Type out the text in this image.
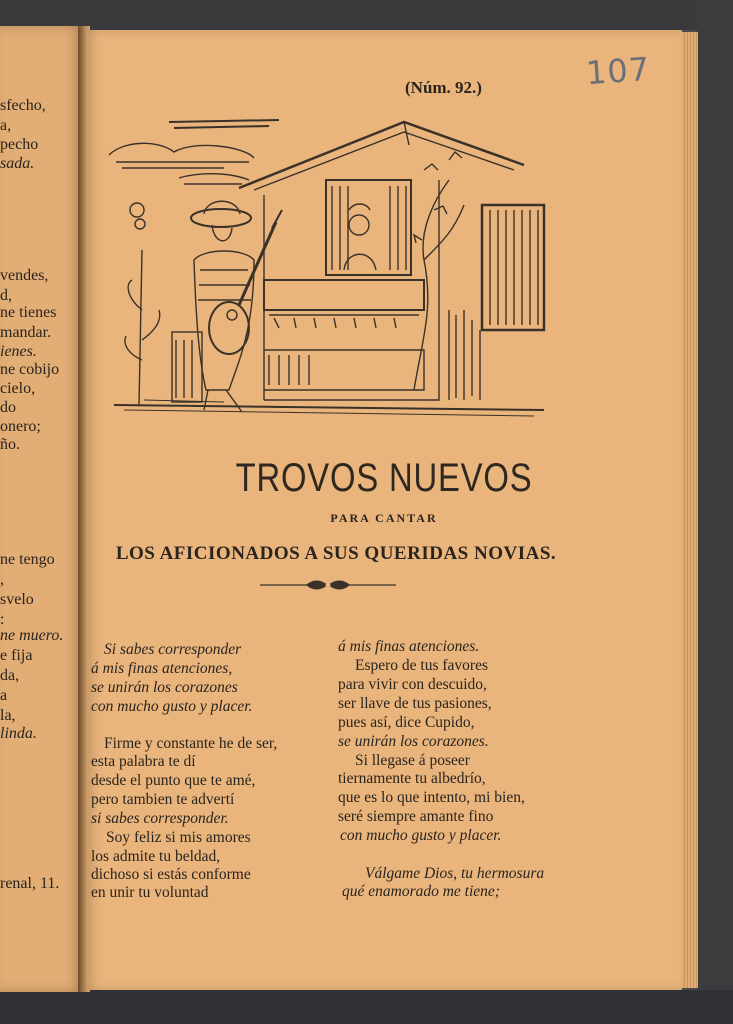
sfecho,
a,
pecho
sada.
vendes,
d,
ne tienes
mandar.
ienes.
ne cobijo
cielo,
do
onero;
ño.
ne tengo
,
svelo
:
ne muero.
e fija
da,
a
la,
linda.
renal, 11.
107
(Núm. 92.)
TROVOS NUEVOS
PARA CANTAR
LOS AFICIONADOS A SUS QUERIDAS NOVIAS.
Si sabes corresponder
á mis finas atenciones,
se unirán los corazones
con mucho gusto y placer.
Firme y constante he de ser,
esta palabra te dí
desde el punto que te amé,
pero tambien te advertí
si sabes corresponder.
Soy feliz si mis amores
los admite tu beldad,
dichoso si estás conforme
en unir tu voluntad
á mis finas atenciones.
Espero de tus favores
para vivir con descuido,
ser llave de tus pasiones,
pues así, dice Cupido,
se unirán los corazones.
Si llegase á poseer
tiernamente tu albedrío,
que es lo que intento, mi bien,
seré siempre amante fino
con mucho gusto y placer.
Válgame Dios, tu hermosura
qué enamorado me tiene;
